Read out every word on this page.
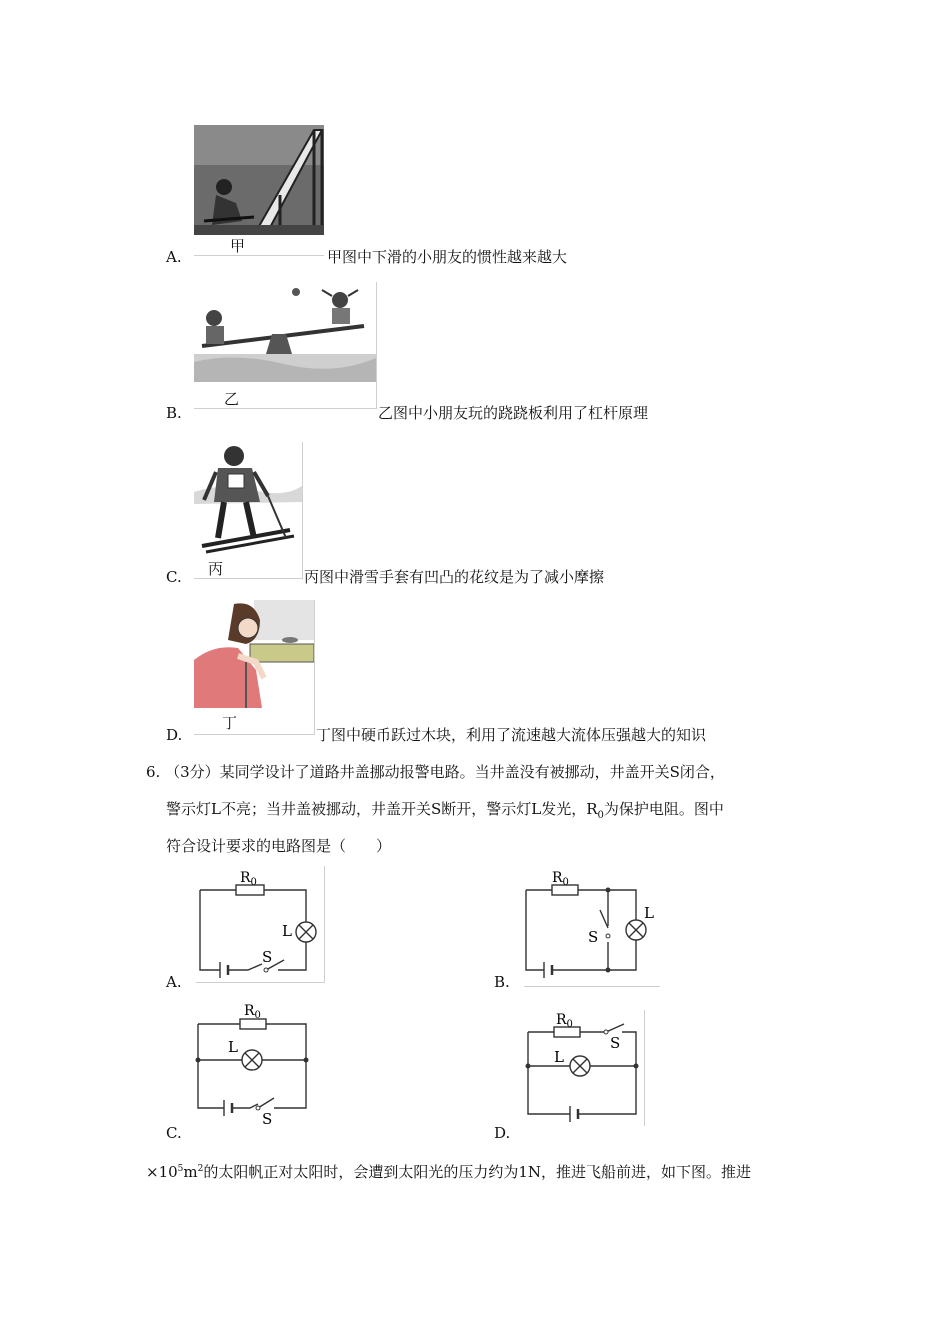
甲
A.	甲图中下滑的小朋友的惯性越来越大
乙
B.	乙图中小朋友玩的跷跷板利用了杠杆原理
丙
C.	丙图中滑雪手套有凹凸的花纹是为了减小摩擦
丁
D.	丁图中硬币跃过木块，利用了流速越大流体压强越大的知识
6. （3分）某同学设计了道路井盖挪动报警电路。当井盖没有被挪动，井盖开关S闭合，
警示灯L不亮；当井盖被挪动，井盖开关S断开，警示灯L发光，$R_0$为保护电阻。图中
符合设计要求的电路图是（　　）
$R_0$
L
S
A.
$R_0$
L
S
B.
$R_0$
L
S
C.
$R_0$
L
S
D.
$\times 10^5m^2$的太阳帆正对太阳时，会遭到太阳光的压力约为1N，推进飞船前进，如下图。推进
